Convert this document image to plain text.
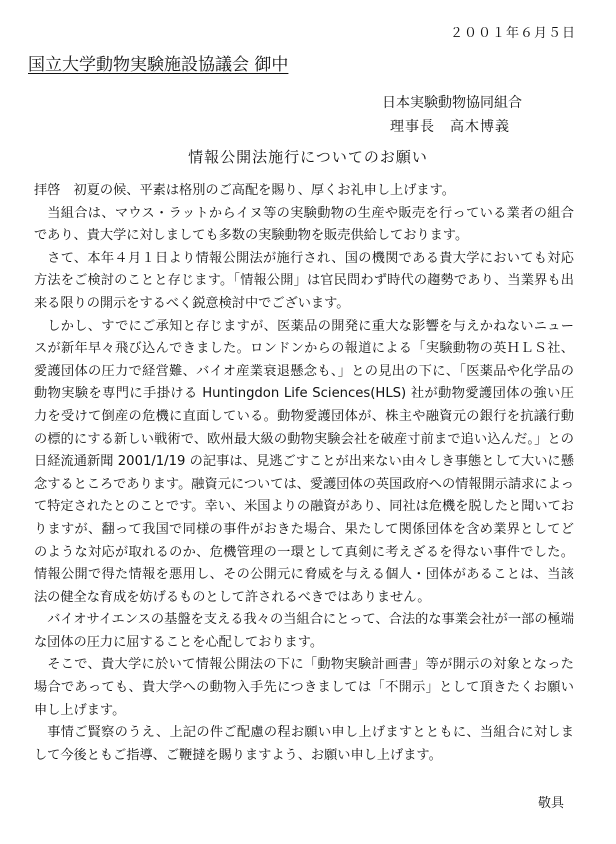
２００１年６月５日
国立大学動物実験施設協議会 御中
日本実験動物協同組合
理事長　高木博義
情報公開法施行についてのお願い

拝啓　初夏の候、平素は格別のご高配を賜り、厚くお礼申し上げます。

当組合は、マウス・ラットからイヌ等の実験動物の生産や販売を行っている業者の組合であり、貴大学に対しましても多数の実験動物を販売供給しております。

さて、本年４月１日より情報公開法が施行され、国の機関である貴大学においても対応方法をご検討のことと存じます。「情報公開」は官民問わず時代の趨勢であり、当業界も出来る限りの開示をするべく鋭意検討中でございます。

しかし、すでにご承知と存じますが、医薬品の開発に重大な影響を与えかねないニュースが新年早々飛び込んできました。ロンドンからの報道による「実験動物の英ＨＬＳ社、愛護団体の圧力で経営難、バイオ産業衰退懸念も、」との見出の下に、「医薬品や化学品の動物実験を専門に手掛ける Huntingdon Life Sciences(HLS) 社が動物愛護団体の強い圧力を受けて倒産の危機に直面している。動物愛護団体が、株主や融資元の銀行を抗議行動の標的にする新しい戦術で、欧州最大級の動物実験会社を破産寸前まで追い込んだ。」との日経流通新聞 2001/1/19 の記事は、見逃ごすことが出来ない由々しき事態として大いに懸念するところであります。融資元については、愛護団体の英国政府への情報開示請求によって特定されたとのことです。幸い、米国よりの融資があり、同社は危機を脱したと聞いておりますが、翻って我国で同様の事件がおきた場合、果たして関係団体を含め業界としてどのような対応が取れるのか、危機管理の一環として真剣に考えざるを得ない事件でした。情報公開で得た情報を悪用し、その公開元に脅威を与える個人・団体があることは、当該法の健全な育成を妨げるものとして許されるべきではありません。

バイオサイエンスの基盤を支える我々の当組合にとって、合法的な事業会社が一部の極端な団体の圧力に屈することを心配しております。

そこで、貴大学に於いて情報公開法の下に「動物実験計画書」等が開示の対象となった場合であっても、貴大学への動物入手先につきましては「不開示」として頂きたくお願い申し上げます。

事情ご賢察のうえ、上記の件ご配慮の程お願い申し上げますとともに、当組合に対しまして今後ともご指導、ご鞭撻を賜りますよう、お願い申し上げます。

敬具
